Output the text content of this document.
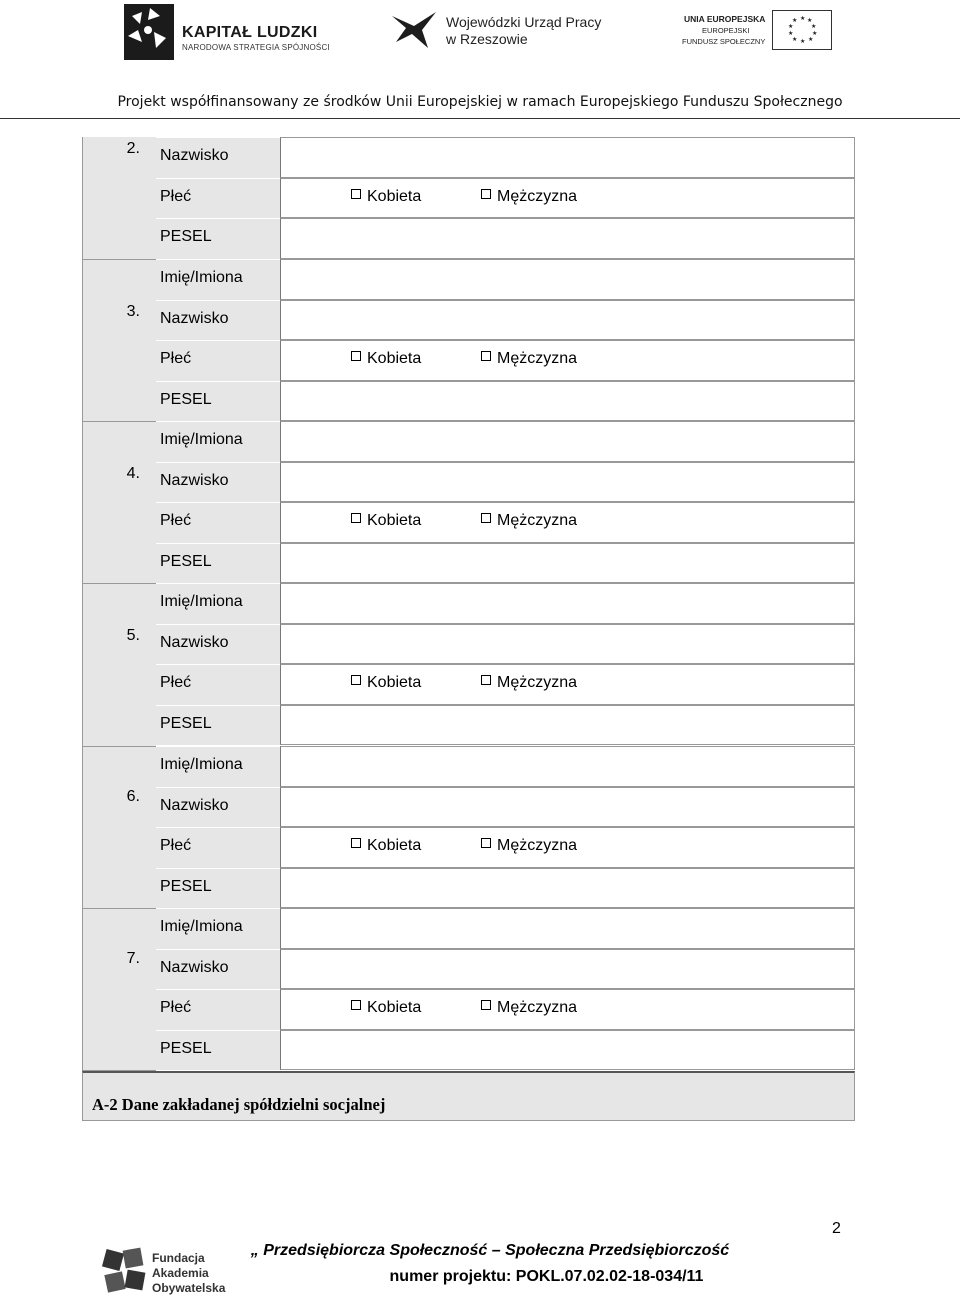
KAPITAŁ LUDZKI
NARODOWA STRATEGIA SPÓJNOŚCI
Wojewódzki Urząd Pracy
w Rzeszowie
UNIA EUROPEJSKA
EUROPEJSKI
FUNDUSZ SPOŁECZNY
★ ★
★
★
★
★
★
★
★
★
Projekt współfinansowany ze środków Unii Europejskiej w ramach Europejskiego Funduszu Społecznego
2. Nazwisko
Płeć	Kobieta	Mężczyzna
PESEL
3.
Imię/Imiona
Nazwisko
Płeć	Kobieta	Mężczyzna
PESEL
4.
Imię/Imiona
Nazwisko
Płeć	Kobieta	Mężczyzna
PESEL
5.
Imię/Imiona
Nazwisko
Płeć	Kobieta	Mężczyzna
PESEL
6.
Imię/Imiona
Nazwisko
Płeć	Kobieta	Mężczyzna
PESEL
7.
Imię/Imiona
Nazwisko
Płeć	Kobieta	Mężczyzna
PESEL
A-2 Dane zakładanej spółdzielni socjalnej
2
Fundacja
Akademia
Obywatelska
„ Przedsiębiorcza Społeczność – Społeczna Przedsiębiorczość
numer projektu: POKL.07.02.02-18-034/11
